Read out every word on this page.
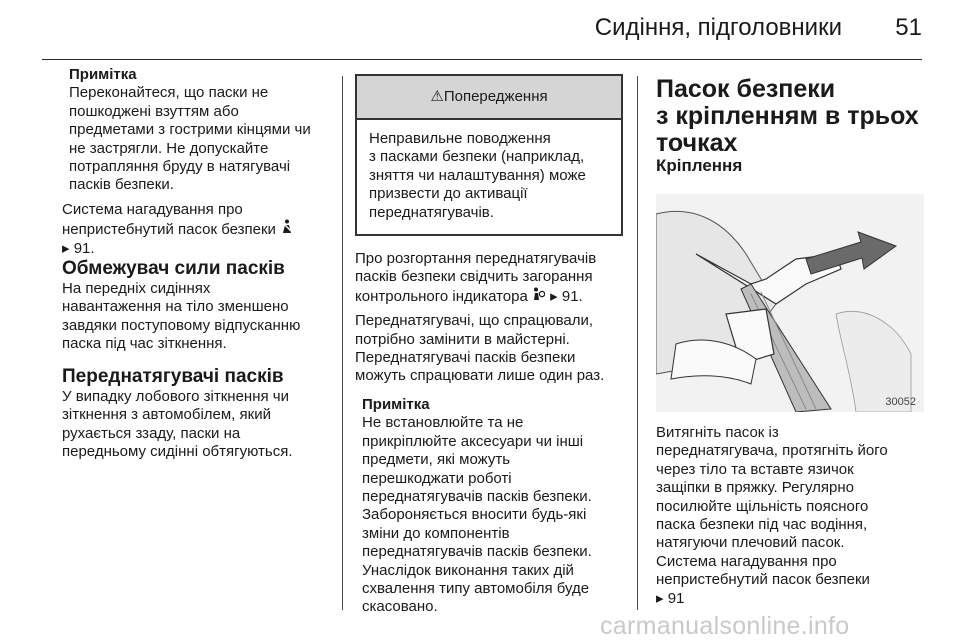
Сидіння, підголовники 51

Примітка

Переконайтеся, що паски не

пошкоджені взуттям або

предметами з гострими кінцями чи

не застрягли. Не допускайте

потрапляння бруду в натягувачі

пасків безпеки.

Система нагадування про

непристебнутий пасок безпеки

▸ 91.

Обмежувач сили пасків

На передніх сидіннях

навантаження на тіло зменшено

завдяки поступовому відпусканню

паска під час зіткнення.

Переднатягувачі пасків

У випадку лобового зіткнення чи

зіткнення з автомобілем, який

рухається ззаду, паски на

передньому сидінні обтягуються.

⚠Попередження

Неправильне поводження

з пасками безпеки (наприклад,

зняття чи налаштування) може

призвести до активації

переднатягувачів.

Про розгортання переднатягувачів

пасків безпеки свідчить загорання

контрольного індикатора ▸ 91.

Переднатягувачі, що спрацювали,

потрібно замінити в майстерні.

Переднатягувачі пасків безпеки

можуть спрацювати лише один раз.

Примітка

Не встановлюйте та не

прикріплюйте аксесуари чи інші

предмети, які можуть

перешкоджати роботі

переднатягувачів пасків безпеки.

Забороняється вносити будь-які

зміни до компонентів

переднатягувачів пасків безпеки.

Унаслідок виконання таких дій

схвалення типу автомобіля буде

скасовано.

Пасок безпеки

з кріпленням в трьох

точках

Кріплення

30052

Витягніть пасок із

переднатягувача, протягніть його

через тіло та вставте язичок

защіпки в пряжку. Регулярно

посилюйте щільність поясного

паска безпеки під час водіння,

натягуючи плечовий пасок.

Система нагадування про

непристебнутий пасок безпеки

▸ 91

carmanualsonline.info
